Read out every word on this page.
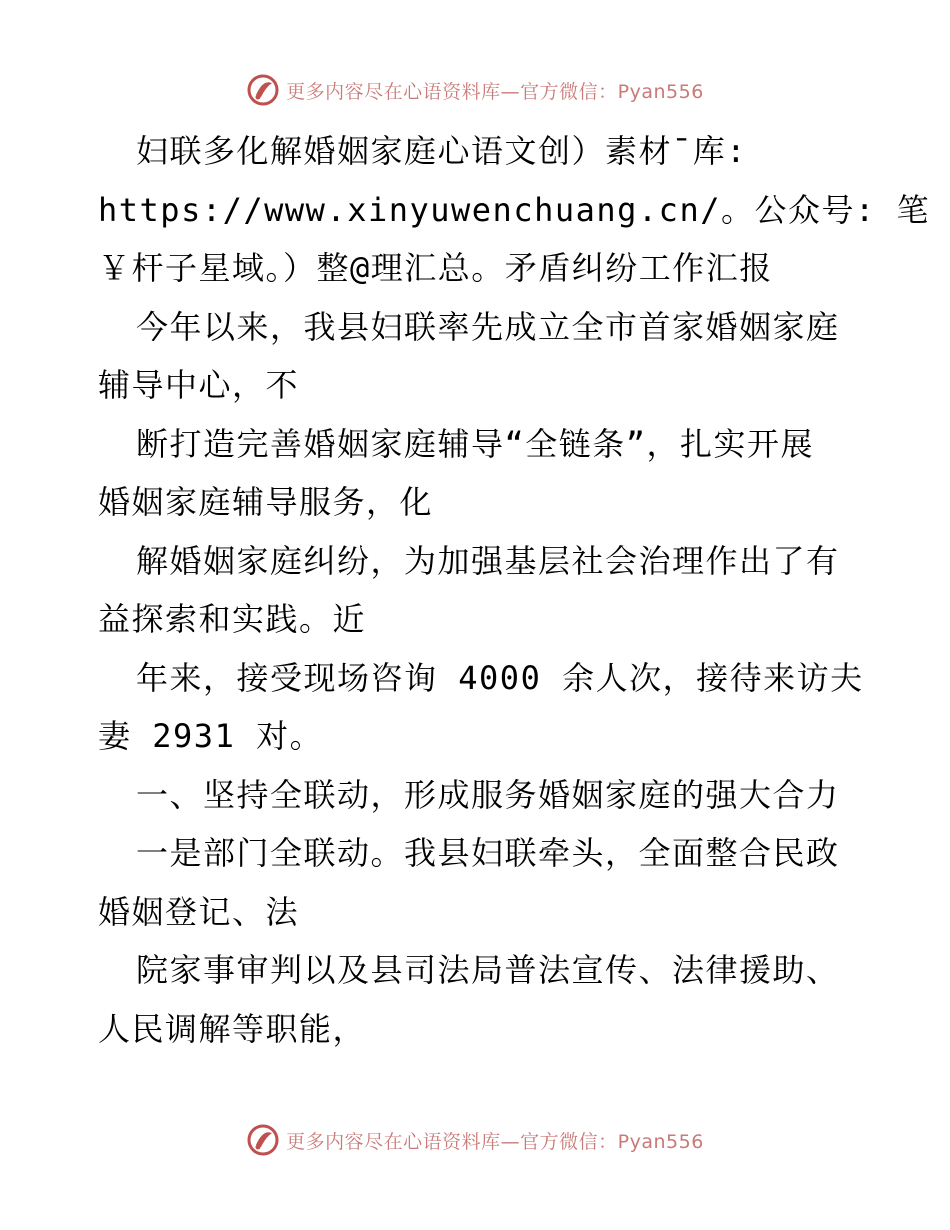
更多内容尽在心语资料库—官方微信：Pyan556
妇联多化解婚姻家庭心语文创）素材¯库:
https://www.xinyuwenchuang.cn/。公众号: 笔
￥杆子星域。）整@理汇总。矛盾纠纷工作汇报
今年以来，我县妇联率先成立全市首家婚姻家庭
辅导中心，不
断打造完善婚姻家庭辅导“全链条”，扎实开展
婚姻家庭辅导服务，化
解婚姻家庭纠纷，为加强基层社会治理作出了有
益探索和实践。近
年来，接受现场咨询 4000 余人次，接待来访夫
妻 2931 对。
一、坚持全联动，形成服务婚姻家庭的强大合力
一是部门全联动。我县妇联牵头，全面整合民政
婚姻登记、法
院家事审判以及县司法局普法宣传、法律援助、
人民调解等职能，
更多内容尽在心语资料库—官方微信：Pyan556
